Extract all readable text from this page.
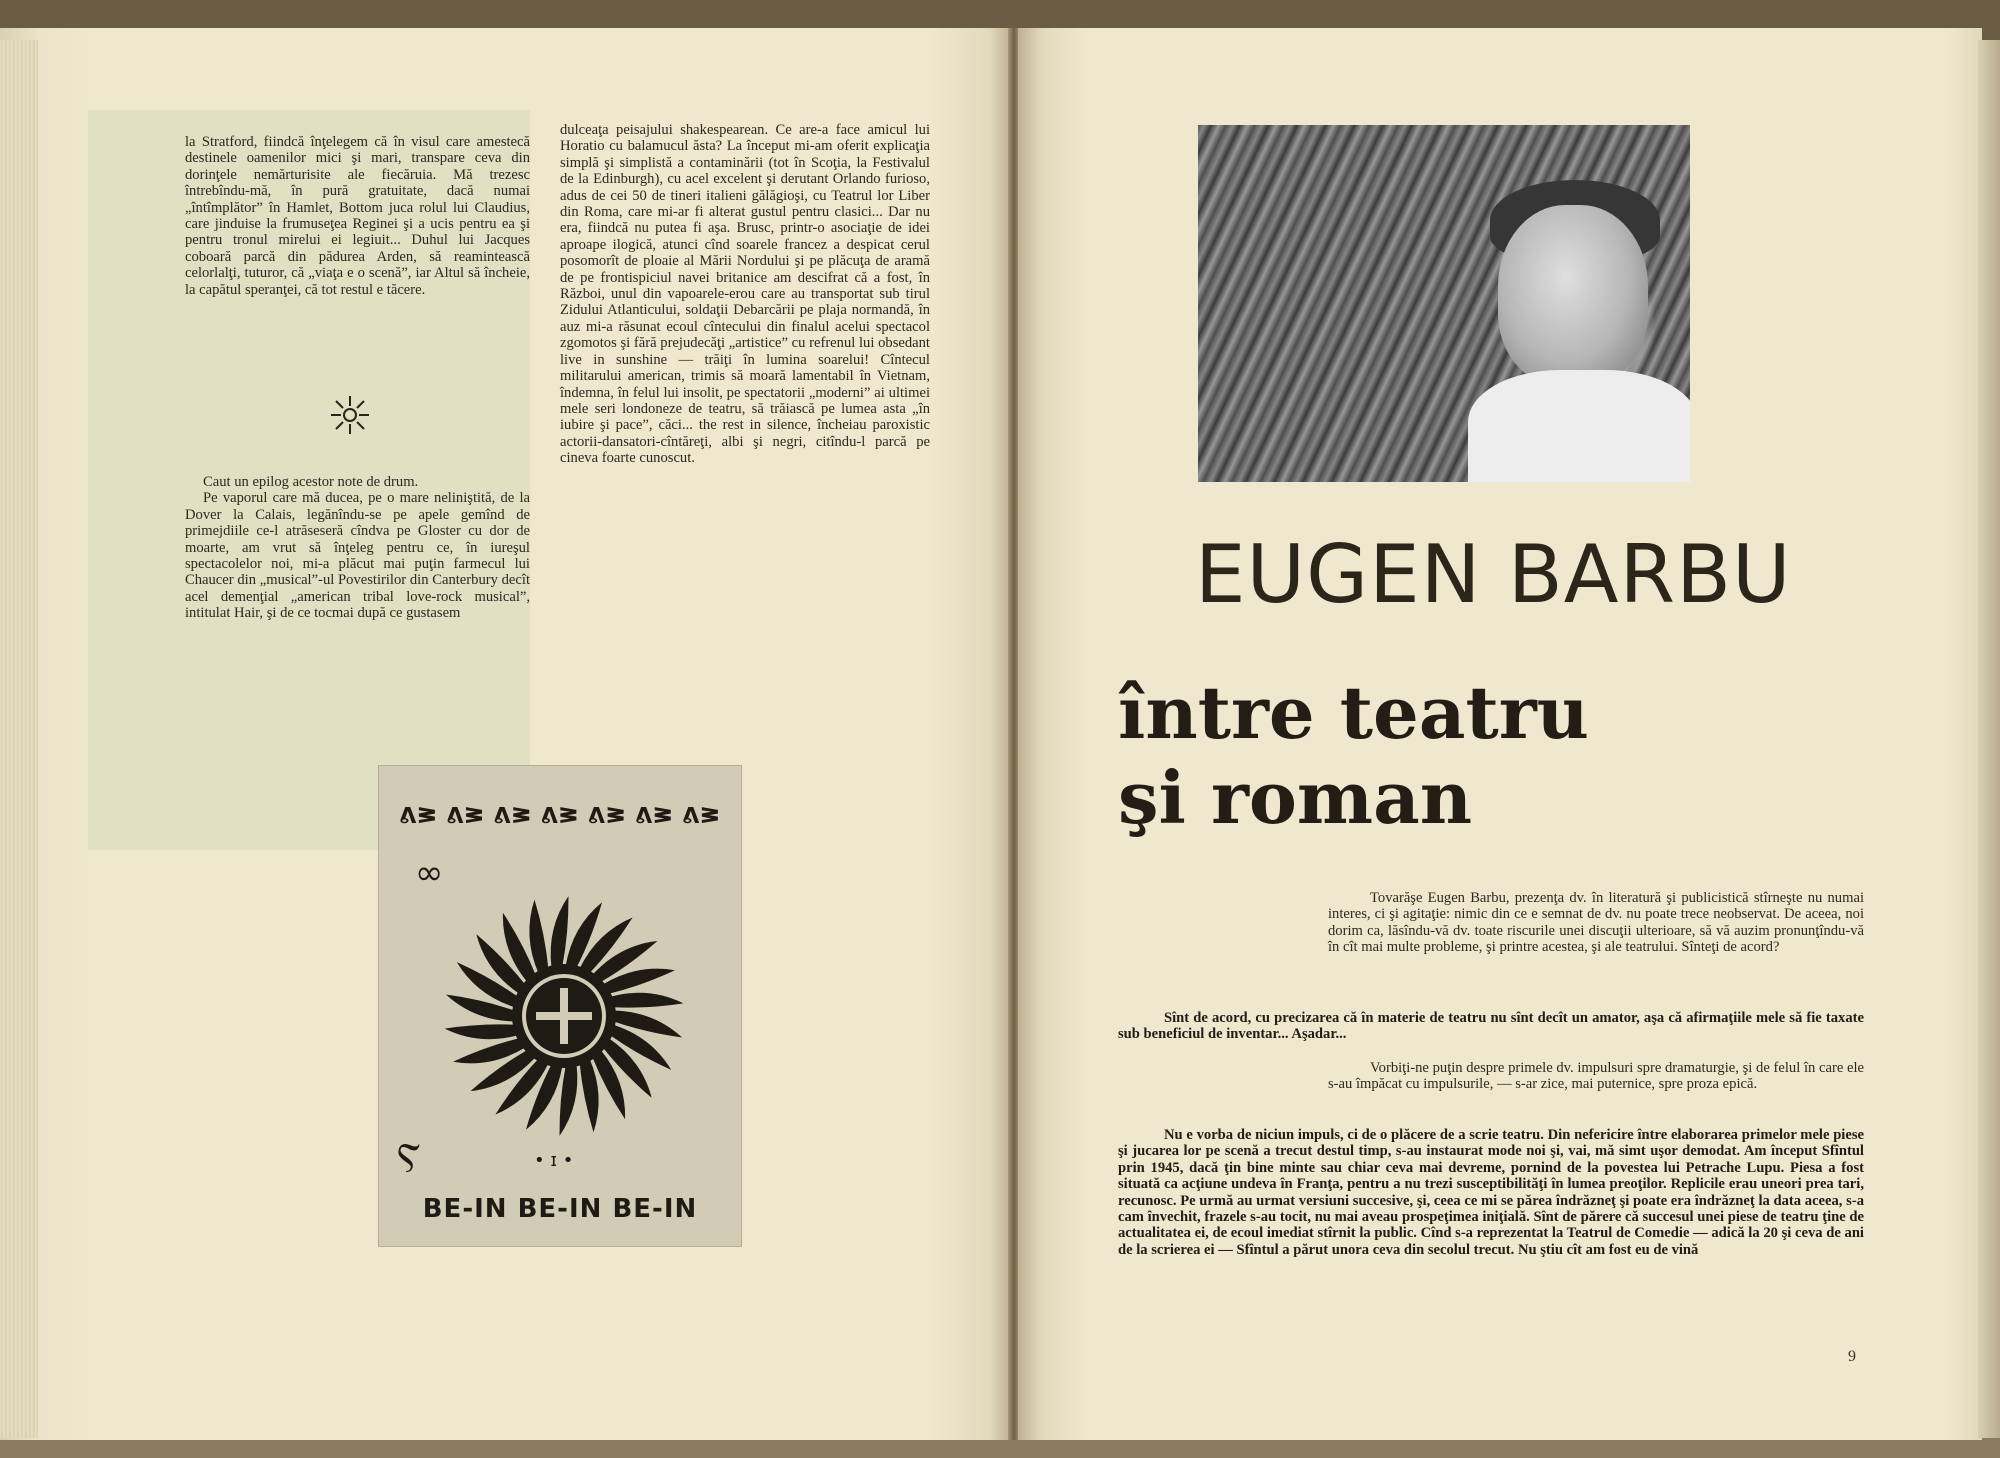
la Stratford, fiindcă înţelegem că în visul care amestecă destinele oamenilor mici şi mari, transpare ceva din dorinţele nemărturisite ale fiecăruia. Mă trezesc întrebîndu-mă, în pură gratuitate, dacă numai „întîmplător” în Hamlet, Bottom juca rolul lui Claudius, care jinduise la frumuseţea Reginei şi a ucis pentru ea şi pentru tronul mirelui ei legiuit... Duhul lui Jacques coboară parcă din pădurea Arden, să reamintească celorlalţi, tuturor, că „viaţa e o scenă”, iar Altul să încheie, la capătul speranţei, că tot restul e tăcere.

Caut un epilog acestor note de drum.

Pe vaporul care mă ducea, pe o mare neliniştită, de la Dover la Calais, legănîndu-se pe apele gemînd de primejdiile ce-l atrăseseră cîndva pe Gloster cu dor de moarte, am vrut să înţeleg pentru ce, în iureşul spectacolelor noi, mi-a plăcut mai puţin farmecul lui Chaucer din „musical”-ul Povestirilor din Canterbury decît acel demenţial „american tribal love-rock musical”, intitulat Hair, şi de ce tocmai după ce gustasem

dulceaţa peisajului shakespearean. Ce are-a face amicul lui Horatio cu balamucul ăsta? La început mi-am oferit explicaţia simplă şi simplistă a contaminării (tot în Scoţia, la Festivalul de la Edinburgh), cu acel excelent şi derutant Orlando furioso, adus de cei 50 de tineri italieni gălăgioşi, cu Teatrul lor Liber din Roma, care mi-ar fi alterat gustul pentru clasici... Dar nu era, fiindcă nu putea fi aşa. Brusc, printr-o asociaţie de idei aproape ilogică, atunci cînd soarele francez a despicat cerul posomorît de ploaie al Mării Nordului şi pe plăcuţa de aramă de pe frontispiciul navei britanice am descifrat că a fost, în Război, unul din vapoarele-erou care au transportat sub tirul Zidului Atlanticului, soldaţii Debarcării pe plaja normandă, în auz mi-a răsunat ecoul cîntecului din finalul acelui spectacol zgomotos şi fără prejudecăţi „artistice” cu refrenul lui obsedant live in sunshine — trăiţi în lumina soarelui! Cîntecul militarului american, trimis să moară lamentabil în Vietnam, îndemna, în felul lui insolit, pe spectatorii „moderni” ai ultimei mele seri londoneze de teatru, să trăiască pe lumea asta „în iubire şi pace”, căci... the rest in silence, încheiau paroxistic actorii-dansatori-cîntăreţi, albi şi negri, citîndu-l parcă pe cineva foarte cunoscut.

ᕕᕒ ᕕᕒ ᕕᕒ ᕕᕒ ᕕᕒ ᕕᕒ ᕕᕒ
∞
Ⲋ	• ɪ •
BE-IN BE-IN BE-IN
EUGEN BARBU
între teatru
şi roman

Tovarăşe Eugen Barbu, prezenţa dv. în literatură şi publicistică stîrneşte nu numai interes, ci şi agitaţie: nimic din ce e semnat de dv. nu poate trece neobservat. De aceea, noi dorim ca, lăsîndu-vă dv. toate riscurile unei discuţii ulterioare, să vă auzim pronunţîndu-vă în cît mai multe probleme, şi printre acestea, şi ale teatrului. Sînteţi de acord?

Sînt de acord, cu precizarea că în materie de teatru nu sînt decît un amator, aşa că afirmaţiile mele să fie taxate sub beneficiul de inventar... Aşadar...

Vorbiţi-ne puţin despre primele dv. impulsuri spre dramaturgie, şi de felul în care ele s-au împăcat cu impulsurile, — s-ar zice, mai puternice, spre proza epică.

Nu e vorba de niciun impuls, ci de o plăcere de a scrie teatru. Din nefericire între elaborarea primelor mele piese şi jucarea lor pe scenă a trecut destul timp, s-au instaurat mode noi şi, vai, mă simt uşor demodat. Am început Sfîntul prin 1945, dacă ţin bine minte sau chiar ceva mai devreme, pornind de la povestea lui Petrache Lupu. Piesa a fost situată ca acţiune undeva în Franţa, pentru a nu trezi susceptibilităţi în lumea preoţilor. Replicile erau uneori prea tari, recunosc. Pe urmă au urmat versiuni succesive, şi, ceea ce mi se părea îndrăzneţ şi poate era îndrăzneţ la data aceea, s-a cam învechit, frazele s-au tocit, nu mai aveau prospeţimea iniţială. Sînt de părere că succesul unei piese de teatru ţine de actualitatea ei, de ecoul imediat stîrnit la public. Cînd s-a reprezentat la Teatrul de Comedie — adică la 20 şi ceva de ani de la scrierea ei — Sfîntul a părut unora ceva din secolul trecut. Nu ştiu cît am fost eu de vină

9
